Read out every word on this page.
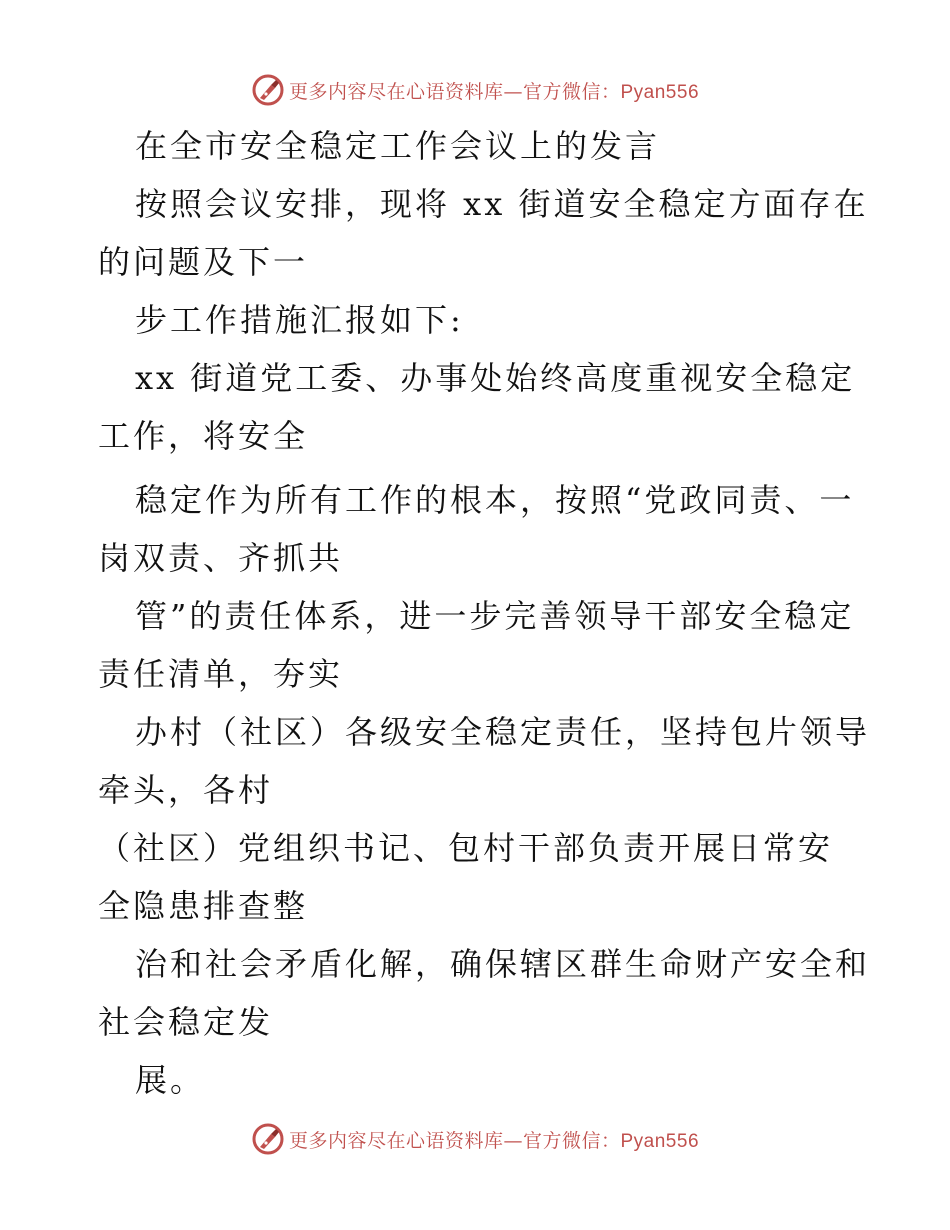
更多内容尽在心语资料库—官方微信：Pyan556
在全市安全稳定工作会议上的发言
按照会议安排，现将 xx 街道安全稳定方面存在
的问题及下一
步工作措施汇报如下:
xx 街道党工委、办事处始终高度重视安全稳定
工作，将安全
稳定作为所有工作的根本，按照“党政同责、一
岗双责、齐抓共
管”的责任体系，进一步完善领导干部安全稳定
责任清单，夯实
办村（社区）各级安全稳定责任，坚持包片领导
牵头，各村
（社区）党组织书记、包村干部负责开展日常安
全隐患排查整
治和社会矛盾化解，确保辖区群生命财产安全和
社会稳定发
展。
更多内容尽在心语资料库—官方微信：Pyan556
